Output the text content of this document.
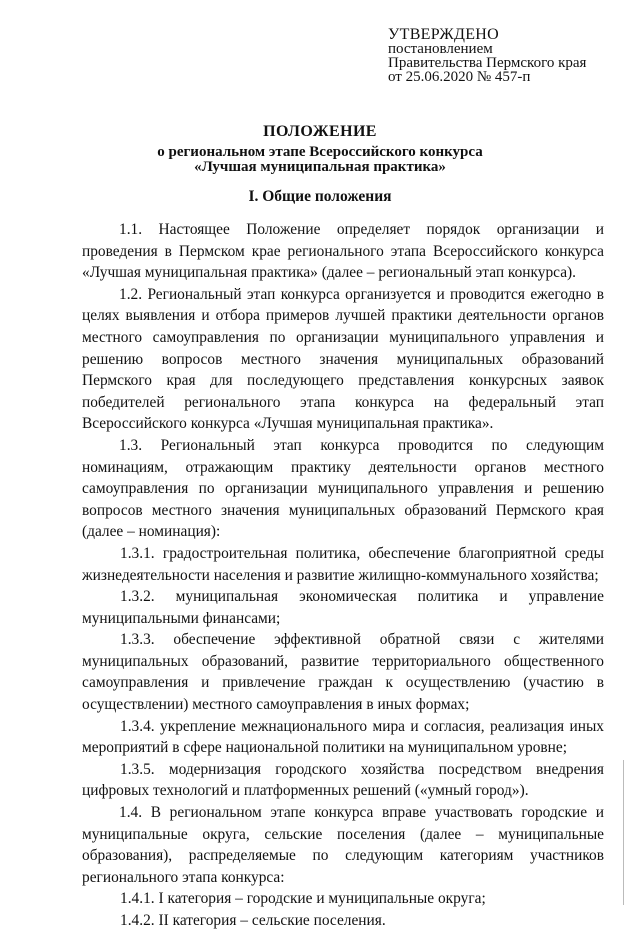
УТВЕРЖДЕНО
постановлением
Правительства Пермского края
от 25.06.2020 № 457-п
ПОЛОЖЕНИЕ
о региональном этапе Всероссийского конкурса
«Лучшая муниципальная практика»
I. Общие положения

1.1. Настоящее Положение определяет порядок организации и проведения в Пермском крае регионального этапа Всероссийского конкурса «Лучшая муниципальная практика» (далее – региональный этап конкурса).

1.2. Региональный этап конкурса организуется и проводится ежегодно в целях выявления и отбора примеров лучшей практики деятельности органов местного самоуправления по организации муниципального управления и решению вопросов местного значения муниципальных образований Пермского края для последующего представления конкурсных заявок победителей регионального этапа конкурса на федеральный этап Всероссийского конкурса «Лучшая муниципальная практика».

1.3. Региональный этап конкурса проводится по следующим номинациям, отражающим практику деятельности органов местного самоуправления по организации муниципального управления и решению вопросов местного значения муниципальных образований Пермского края (далее – номинация):

1.3.1. градостроительная политика, обеспечение благоприятной среды жизнедеятельности населения и развитие жилищно-коммунального хозяйства;

1.3.2. муниципальная экономическая политика и управление муниципальными финансами;

1.3.3. обеспечение эффективной обратной связи с жителями муниципальных образований, развитие территориального общественного самоуправления и привлечение граждан к осуществлению (участию в осуществлении) местного самоуправления в иных формах;

1.3.4. укрепление межнационального мира и согласия, реализация иных мероприятий в сфере национальной политики на муниципальном уровне;

1.3.5. модернизация городского хозяйства посредством внедрения цифровых технологий и платформенных решений («умный город»).

1.4. В региональном этапе конкурса вправе участвовать городские и муниципальные округа, сельские поселения (далее – муниципальные образования), распределяемые по следующим категориям участников регионального этапа конкурса:

1.4.1. I категория – городские и муниципальные округа;

1.4.2. II категория – сельские поселения.
